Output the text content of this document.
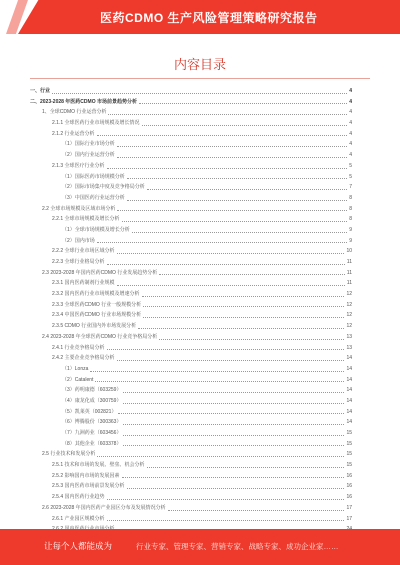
医药CDMO 生产风险管理策略研究报告
内容目录
一、行业	4
二、2023-2028 年医药CDMO 市场前景趋势分析	4
1、全球CDMO 行业运营分析	4
2.1.1 全球医药行业市场规模及增长情况	4
2.1.2 行业运营分析	4
（1）国际行业市场分析	4
（2）国内行业运营分析	4
2.1.3 全球医疗行业分析	5
（1）国际医药市场规模分析	5
（2）国际市场集中度及竞争格局分析	7
（3）中国医药行业运营分析	8
2.2 全球市场规模及区域市场分析	8
2.2.1 全球市场规模及增长分析	8
（1）全球市场规模及增长分析	9
（2）国内市场	9
2.2.2 全球行业市场区域分析	10
2.2.3 全球行业格局分析	11
2.3 2023-2028 年国内医药CDMO 行业发展趋势分析	11
2.3.1 国内医药制剂行业规模	11
2.3.2 国内医药行业市场规模及增速分析	12
2.3.3 全球医药CDMO 行业一般规模分析	12
2.3.4 中国医药CDMO 行业市场规模分析	12
2.3.5 CDMO 行业国内外市场发展分析	12
2.4 2023-2028 年全球医药CDMO 行业竞争格局分析	13
2.4.1 行业竞争格局分析	13
2.4.2 主要企业竞争格局分析	14
（1）Lonza	14
（2）Catalent	14
（3）药明康德（603259）	14
（4）康龙化成（300759）	14
（5）凯莱英（002821）	14
（6）博腾股份（300363）	14
（7）九洲药业（603456）	15
（8）其他企业（603378）	15
2.5 行业技术和发展分析	15
2.5.1 技术和市场的发展、壁垒、机会分析	15
2.5.2 影响国内市场的发展因素	16
2.5.3 国内医药市场前景发展分析	16
2.5.4 国内医药行业趋势	16
2.6 2023-2028 年国内医药产业园区分布及发展情况分析	17
2.6.1 产业园区规模分析	17
让每个人都能成为	行业专家、管理专家、营销专家、战略专家、成功企业家……
